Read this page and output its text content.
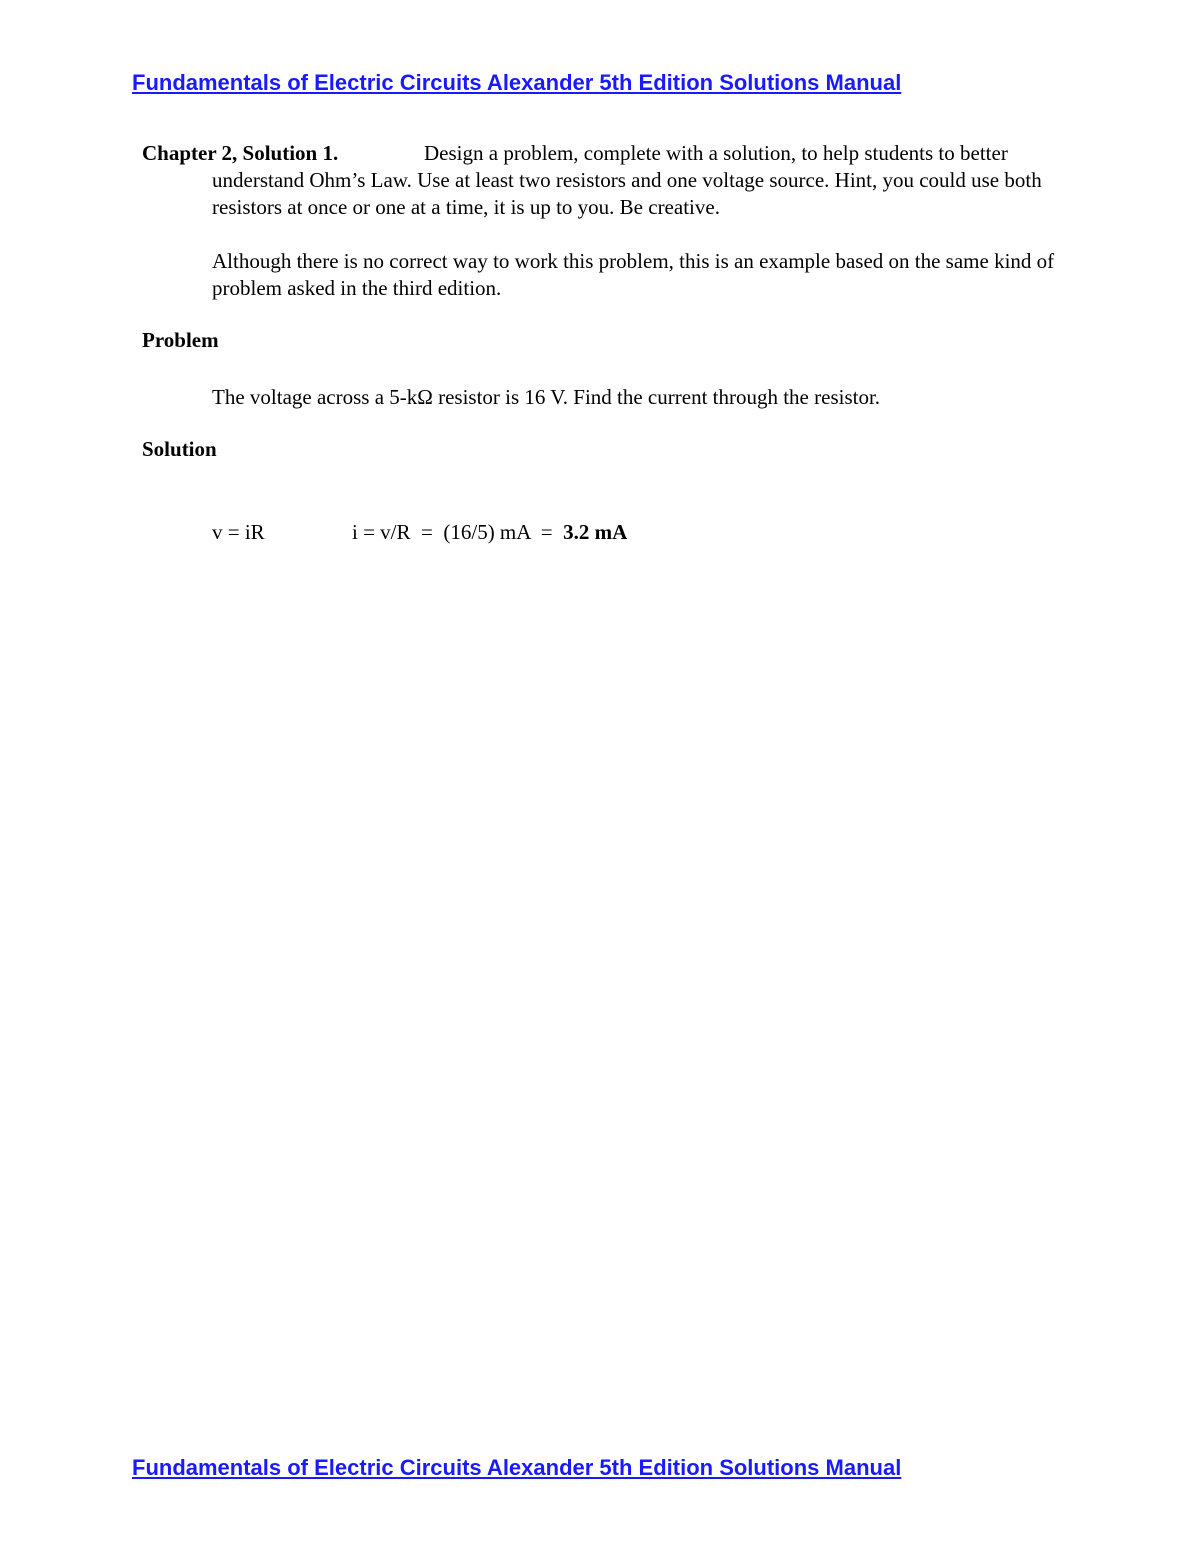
Fundamentals of Electric Circuits Alexander 5th Edition Solutions Manual

Chapter 2, Solution 1.	Design a problem, complete with a solution, to help students to better understand Ohm’s Law. Use at least two resistors and one voltage source. Hint, you could use both resistors at once or one at a time, it is up to you. Be creative.

Although there is no correct way to work this problem, this is an example based on the same kind of problem asked in the third edition.

Problem

The voltage across a 5-kΩ resistor is 16 V. Find the current through the resistor.

Solution

v = iR	i = v/R  =  (16/5) mA  = 3.2 mA

Fundamentals of Electric Circuits Alexander 5th Edition Solutions Manual
